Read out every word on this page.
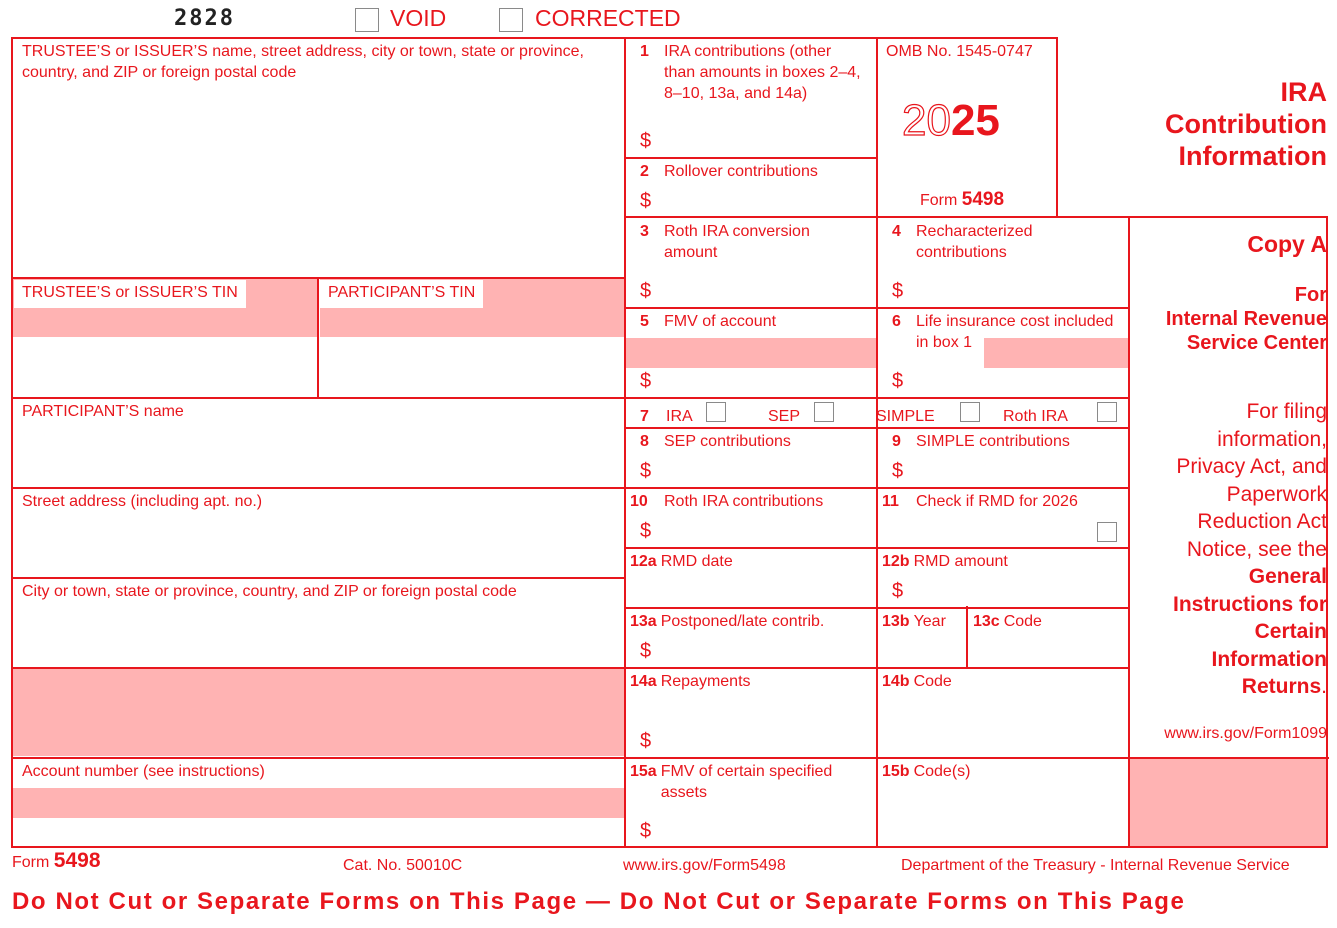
2828	VOID	CORRECTED
TRUSTEE’S or ISSUER’S name, street address, city or town, state or province, country, and ZIP or foreign postal code
TRUSTEE’S or ISSUER’S TIN	PARTICIPANT’S TIN
PARTICIPANT’S name
Street address (including apt. no.)
City or town, state or province, country, and ZIP or foreign postal code
Account number (see instructions)
1 IRA contributions (other than amounts in boxes 2–4, 8–10, 13a, and 14a)
$
2 Rollover contributions
$
OMB No. 1545-0747
2025
Form 5498
IRA
Contribution
Information
3 Roth IRA conversion amount
$
4 Recharacterized contributions
$
5 FMV of account
$
6 Life insurance cost included in box 1
$
Copy A
For
Internal Revenue
Service Center
7 IRA	SEP	SIMPLE	Roth IRA
8 SEP contributions
$
9 SIMPLE contributions
$
10 Roth IRA contributions
$
11 Check if RMD for 2026
12a RMD date	12b RMD amount
$
13a Postponed/late contrib.
$
13b Year 13c Code
14a Repayments
$
14b Code
15a FMV of certain specified assets
$
15b Code(s)
For filing
information,
Privacy Act, and
Paperwork
Reduction Act
Notice, see the
General
Instructions for
Certain
Information
Returns.
www.irs.gov/Form1099
Form 5498	Cat. No. 50010C	www.irs.gov/Form5498	Department of the Treasury - Internal Revenue Service
Do Not Cut or Separate Forms on This Page — Do Not Cut or Separate Forms on This Page
